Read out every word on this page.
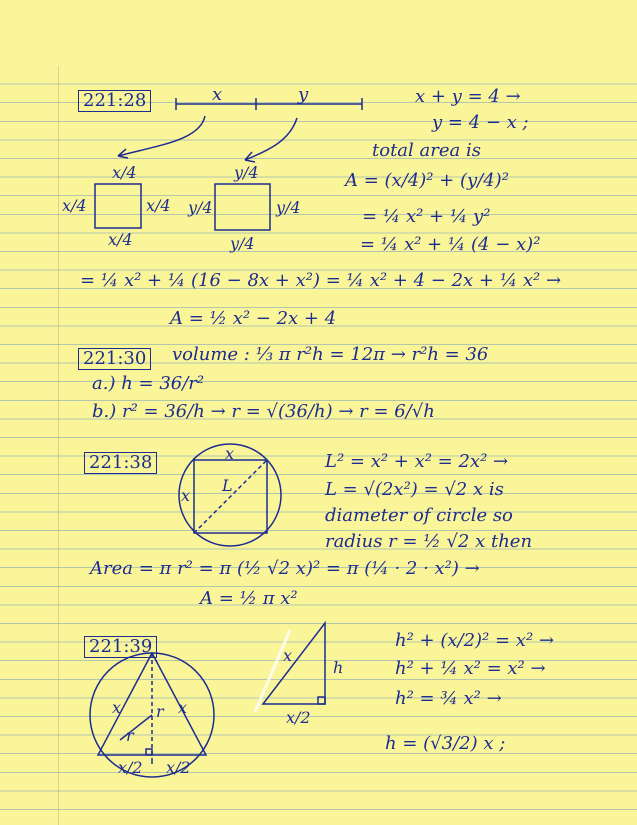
221:28	x	y
x/4
x/4	x/4
x/4
y/4
y/4	y/4
y/4
x + y = 4 →
y = 4 − x ;
total area is
A = (x/4)² + (y/4)²
= ¼ x² + ¼ y²
= ¼ x² + ¼ (4 − x)²
= ¼ x² + ¼ (16 − 8x + x²) = ¼ x² + 4 − 2x + ¼ x² →
A = ½ x² − 2x + 4
221:30 volume : ⅓ π r²h = 12π → r²h = 36
a.) h = 36/r²
b.) r² = 36/h → r = √(36/h) → r = 6/√h
221:38	x
x
L
L² = x² + x² = 2x² →
L = √(2x²) = √2 x is
diameter of circle so
radius r = ½ √2 x then
Area = π r² = π (½ √2 x)² = π (¼ · 2 · x²) →
A = ½ π x²
221:39
x	x
r
r
x/2 x/2
x
h
x/2
h² + (x/2)² = x² →
h² + ¼ x² = x² →
h² = ¾ x² →
h = (√3/2) x ;
